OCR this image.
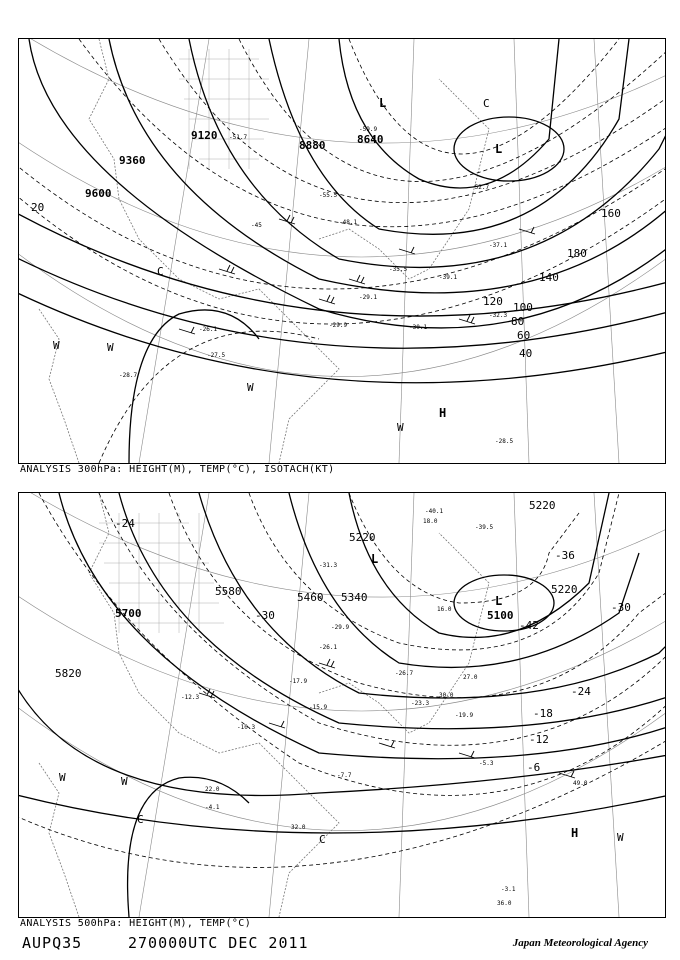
9600
9360
9120
8880	8640
20
40
60
80
100
120
140
160
180
-59.9
-55.5
-51.7
-48.1
-45
-39.1
-37.1
-35.5
-32.3
-30.1
-29.9
-29.1
-28.7
-28.5
-27.5
-26.1
-52.7
L
L
H
C
C
W	W
W
W
ANALYSIS 300hPa: HEIGHT(M), TEMP(°C), ISOTACH(KT)
5820
5700
5580	5460 5340
5220
5220
5220
5100
-42
-36
-30
-30
-24
-24
-18
-12
-6
-40.1
-39.5
-31.3
-29.9
-26.1
-26.7
-23.3
-19.9
-17.9
-15.9
-12.3
-10.3
-7.7
-5.3
-4.1
-3.1
16.0
18.0
22.0
27.0
30.0
32.0
36.0
49.0
L
L
H
C
C
W	W
W
ANALYSIS 500hPa: HEIGHT(M), TEMP(°C)
AUPQ35	270000UTC DEC 2011	Japan Meteorological Agency
